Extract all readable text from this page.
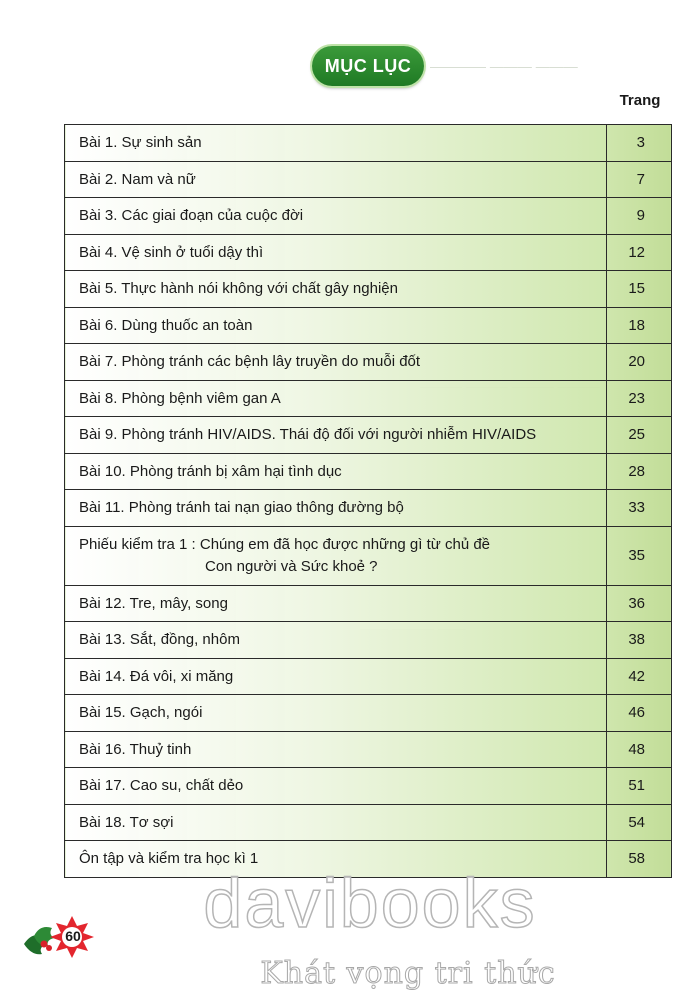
———— ——— ———
MỤC LỤC
Trang
Bài 1. Sự sinh sản	3
Bài 2. Nam và nữ	7
Bài 3. Các giai đoạn của cuộc đời	9
Bài 4. Vệ sinh ở tuổi dậy thì	12
Bài 5. Thực hành nói không với chất gây nghiện	15
Bài 6. Dùng thuốc an toàn	18
Bài 7. Phòng tránh các bệnh lây truyền do muỗi đốt	20
Bài 8. Phòng bệnh viêm gan A	23
Bài 9. Phòng tránh HIV/AIDS. Thái độ đối với người nhiễm HIV/AIDS	25
Bài 10. Phòng tránh bị xâm hại tình dục	28
Bài 11. Phòng tránh tai nạn giao thông đường bộ	33
Phiếu kiểm tra 1 : Chúng em đã học được những gì từ chủ đề
Con người và Sức khoẻ ?	35
Bài 12. Tre, mây, song	36
Bài 13. Sắt, đồng, nhôm	38
Bài 14. Đá vôi, xi măng	42
Bài 15. Gạch, ngói	46
Bài 16. Thuỷ tinh	48
Bài 17. Cao su, chất dẻo	51
Bài 18. Tơ sợi	54
Ôn tập và kiểm tra học kì 1	58
60	davibooks
Khát vọng tri thức
